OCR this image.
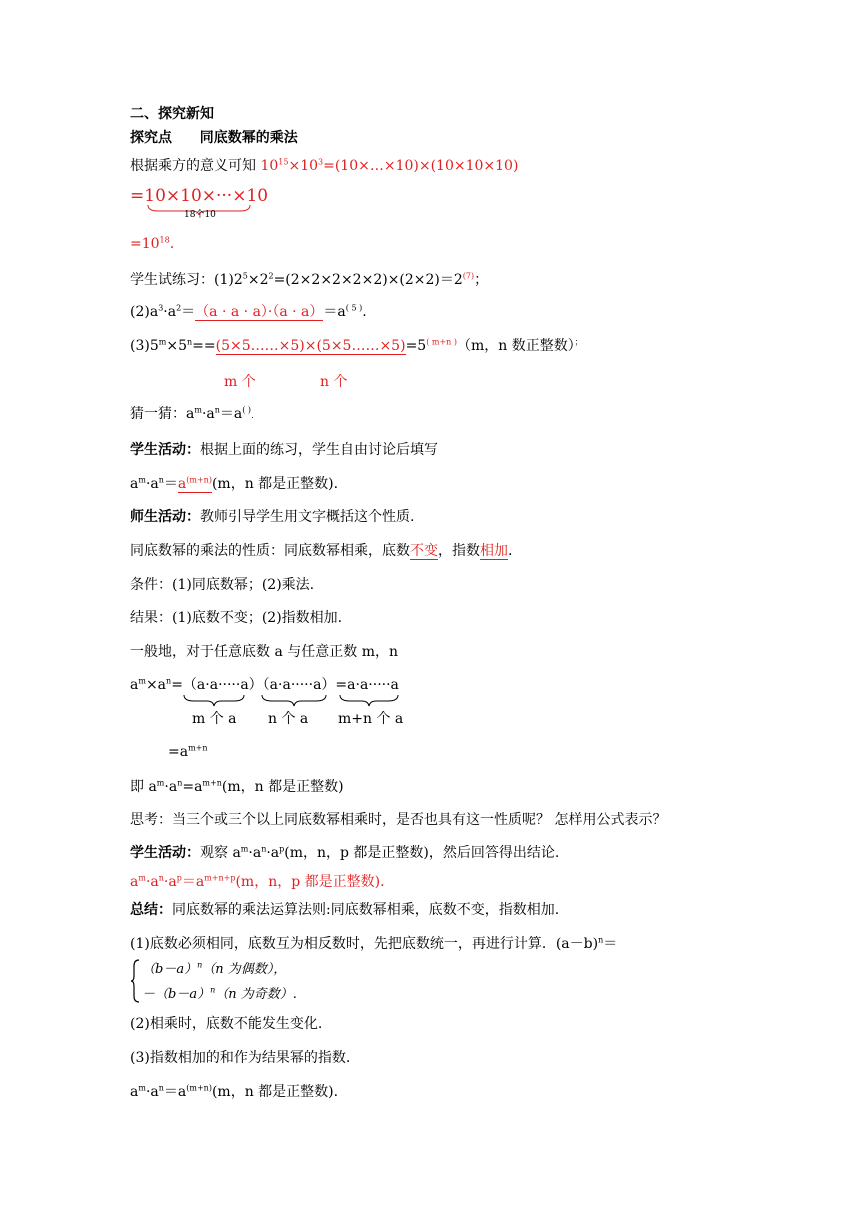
二、探究新知
探究点 同底数幂的乘法
根据乘方的意义可知 $10^{15}\times 10^3=(10\times\dots\times 10)\times(10\times 10\times 10)$
=10×10×···×10
18个10
$=10^{18}$.
学生试练习：$(1)2^5\times 2^2=(2\times 2\times 2\times 2\times 2)\times(2\times 2)=2^{(7)}$；
$(2)a^3\cdot a^2=(a \cdot a \cdot a)\cdot(a \cdot a)=a^{( 5 )}$.
$(3)5^m\times 5^n==(5\times 5\dots\dots\times 5)\times(5\times 5\dots\dots\times 5)=5^{( m+n )}(m$，n 数正整数）；
m 个	n 个
猜一猜：$a^m\cdot a^n=a^{( )}$.
学生活动：根据上面的练习，学生自由讨论后填写
$a^m\cdot a^n=a^{(m+n)}(m$，n 都是正整数).
师生活动：教师引导学生用文字概括这个性质.
同底数幂的乘法的性质：同底数幂相乘，底数不变，指数相加.
条件：(1)同底数幂；(2)乘法.
结果：(1)底数不变；(2)指数相加.
一般地，对于任意底数 a 与任意正数 m，n
$a^m\times a^n=(a\cdot a\cdot\cdot\cdot\cdot\cdot a)(a\cdot a\cdot\cdot\cdot\cdot\cdot a)=a\cdot a\cdot\cdot\cdot\cdot\cdot a$
m 个 a n 个 a m+n 个 a
$=a^{m+n}$
即 $a^m\cdot a^n=a^{m+n}(m$，n 都是正整数)
思考：当三个或三个以上同底数幂相乘时，是否也具有这一性质呢？ 怎样用公式表示？
学生活动：观察 $a^m\cdot a^n\cdot a^p(m$，n，p 都是正整数)，然后回答得出结论.
$a^m\cdot a^n\cdot a^p=a^{m+n+p}(m$，n，p 都是正整数).
总结：同底数幂的乘法运算法则:同底数幂相乘，底数不变，指数相加.
(1)底数必须相同，底数互为相反数时，先把底数统一，再进行计算．$(a-b)^n=$
$(b-a)^n(n$ 为偶数），
$-(b-a)^n(n$ 为奇数）.
(2)相乘时，底数不能发生变化.
(3)指数相加的和作为结果幂的指数.
$a^m\cdot a^n=a^{(m+n)}(m$，n 都是正整数).
